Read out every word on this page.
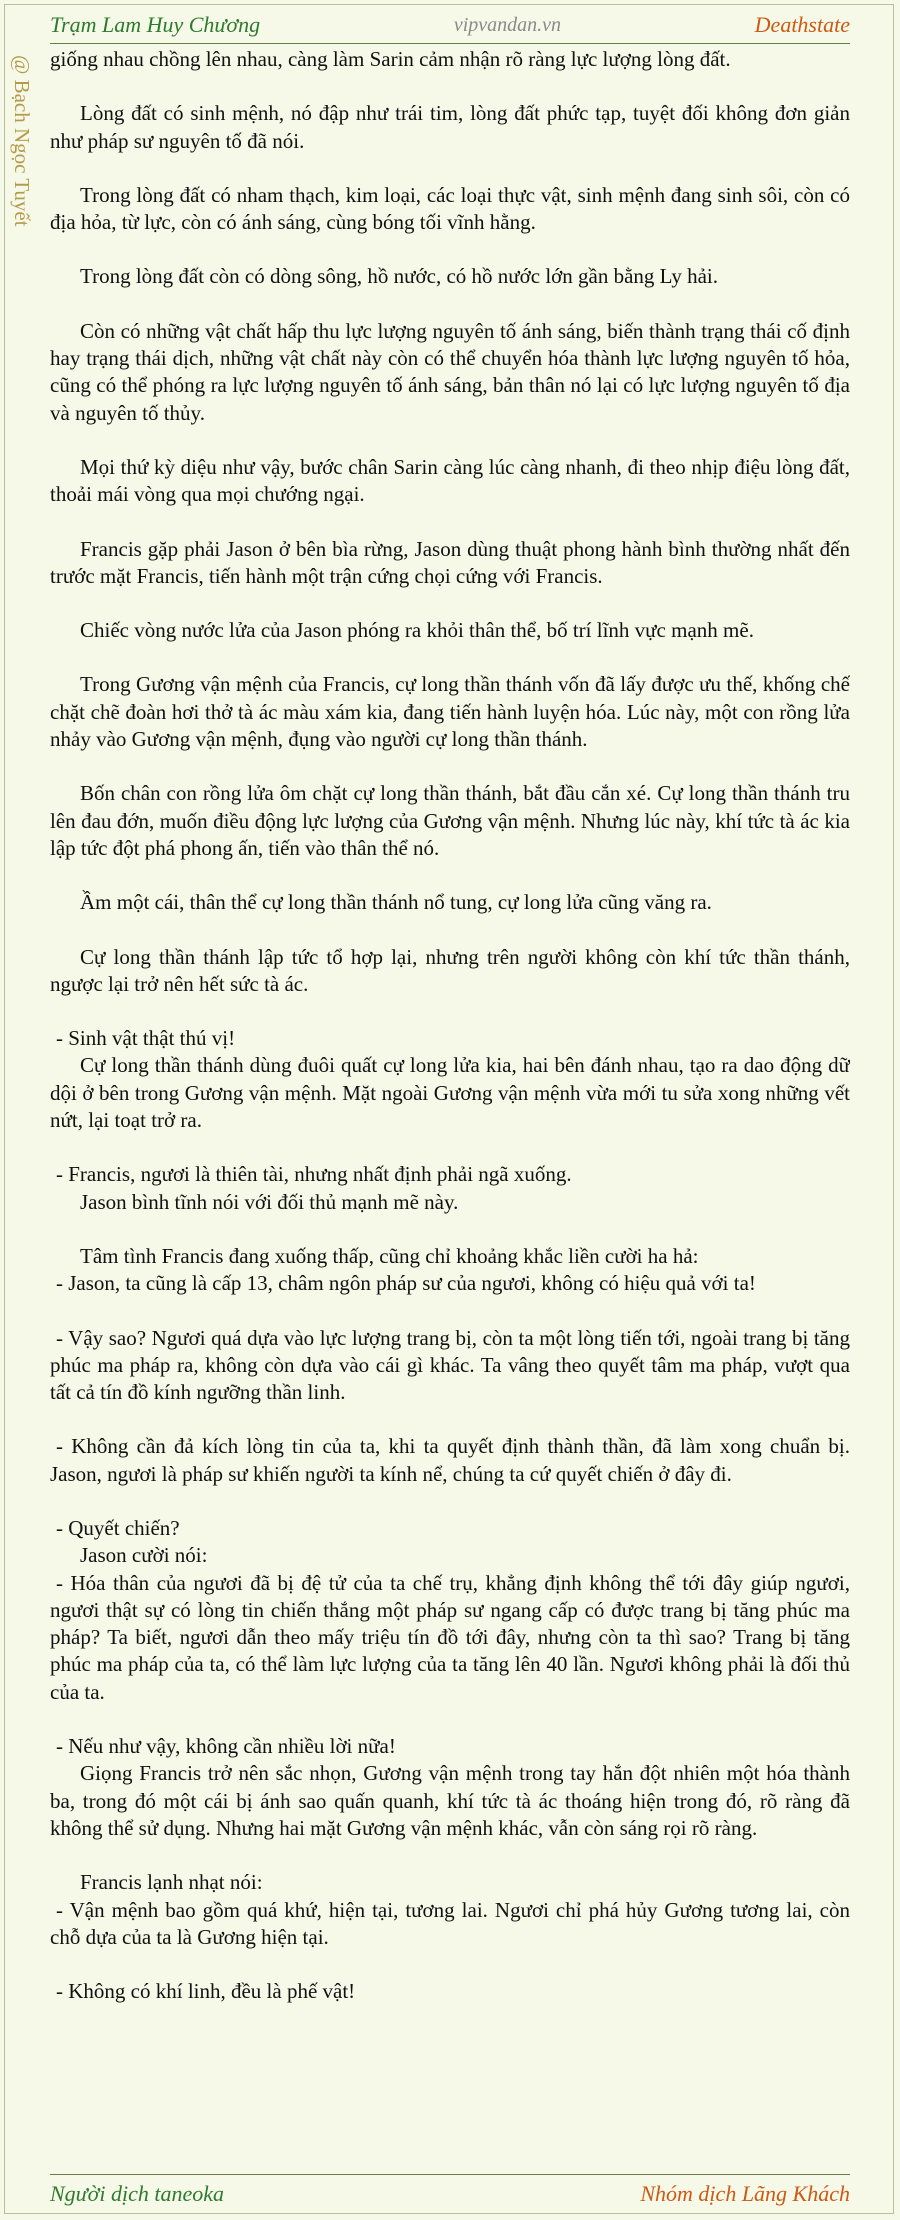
Trạm Lam Huy Chương	vipvandan.vn	Deathstate
@ Bạch Ngọc Tuyết giống nhau chồng lên nhau, càng làm Sarin cảm nhận rõ ràng lực lượng lòng đất.

Lòng đất có sinh mệnh, nó đập như trái tim, lòng đất phức tạp, tuyệt đối không đơn giản như pháp sư nguyên tố đã nói.

Trong lòng đất có nham thạch, kim loại, các loại thực vật, sinh mệnh đang sinh sôi, còn có địa hỏa, từ lực, còn có ánh sáng, cùng bóng tối vĩnh hằng.

Trong lòng đất còn có dòng sông, hồ nước, có hồ nước lớn gần bằng Ly hải.

Còn có những vật chất hấp thu lực lượng nguyên tố ánh sáng, biến thành trạng thái cố định hay trạng thái dịch, những vật chất này còn có thể chuyển hóa thành lực lượng nguyên tố hỏa, cũng có thể phóng ra lực lượng nguyên tố ánh sáng, bản thân nó lại có lực lượng nguyên tố địa và nguyên tố thủy.

Mọi thứ kỳ diệu như vậy, bước chân Sarin càng lúc càng nhanh, đi theo nhịp điệu lòng đất, thoải mái vòng qua mọi chướng ngại.

Francis gặp phải Jason ở bên bìa rừng, Jason dùng thuật phong hành bình thường nhất đến trước mặt Francis, tiến hành một trận cứng chọi cứng với Francis.

Chiếc vòng nước lửa của Jason phóng ra khỏi thân thể, bố trí lĩnh vực mạnh mẽ.

Trong Gương vận mệnh của Francis, cự long thần thánh vốn đã lấy được ưu thế, khống chế chặt chẽ đoàn hơi thở tà ác màu xám kia, đang tiến hành luyện hóa. Lúc này, một con rồng lửa nhảy vào Gương vận mệnh, đụng vào người cự long thần thánh.

Bốn chân con rồng lửa ôm chặt cự long thần thánh, bắt đầu cắn xé. Cự long thần thánh tru lên đau đớn, muốn điều động lực lượng của Gương vận mệnh. Nhưng lúc này, khí tức tà ác kia lập tức đột phá phong ấn, tiến vào thân thể nó.

Ầm một cái, thân thể cự long thần thánh nổ tung, cự long lửa cũng văng ra.

Cự long thần thánh lập tức tổ hợp lại, nhưng trên người không còn khí tức thần thánh, ngược lại trở nên hết sức tà ác.

- Sinh vật thật thú vị!

Cự long thần thánh dùng đuôi quất cự long lửa kia, hai bên đánh nhau, tạo ra dao động dữ dội ở bên trong Gương vận mệnh. Mặt ngoài Gương vận mệnh vừa mới tu sửa xong những vết nứt, lại toạt trở ra.

- Francis, ngươi là thiên tài, nhưng nhất định phải ngã xuống.

Jason bình tĩnh nói với đối thủ mạnh mẽ này.

Tâm tình Francis đang xuống thấp, cũng chỉ khoảng khắc liền cười ha hả:

- Jason, ta cũng là cấp 13, châm ngôn pháp sư của ngươi, không có hiệu quả với ta!

- Vậy sao? Ngươi quá dựa vào lực lượng trang bị, còn ta một lòng tiến tới, ngoài trang bị tăng phúc ma pháp ra, không còn dựa vào cái gì khác. Ta vâng theo quyết tâm ma pháp, vượt qua tất cả tín đồ kính ngưỡng thần linh.

- Không cần đả kích lòng tin của ta, khi ta quyết định thành thần, đã làm xong chuẩn bị. Jason, ngươi là pháp sư khiến người ta kính nể, chúng ta cứ quyết chiến ở đây đi.

- Quyết chiến?

Jason cười nói:

- Hóa thân của ngươi đã bị đệ tử của ta chế trụ, khẳng định không thể tới đây giúp ngươi, ngươi thật sự có lòng tin chiến thắng một pháp sư ngang cấp có được trang bị tăng phúc ma pháp? Ta biết, ngươi dẫn theo mấy triệu tín đồ tới đây, nhưng còn ta thì sao? Trang bị tăng phúc ma pháp của ta, có thể làm lực lượng của ta tăng lên 40 lần. Ngươi không phải là đối thủ của ta.

- Nếu như vậy, không cần nhiều lời nữa!

Giọng Francis trở nên sắc nhọn, Gương vận mệnh trong tay hắn đột nhiên một hóa thành ba, trong đó một cái bị ánh sao quấn quanh, khí tức tà ác thoáng hiện trong đó, rõ ràng đã không thể sử dụng. Nhưng hai mặt Gương vận mệnh khác, vẫn còn sáng rọi rõ ràng.

Francis lạnh nhạt nói:

- Vận mệnh bao gồm quá khứ, hiện tại, tương lai. Ngươi chỉ phá hủy Gương tương lai, còn chỗ dựa của ta là Gương hiện tại.

- Không có khí linh, đều là phế vật!

Người dịch taneoka	Nhóm dịch Lãng Khách
